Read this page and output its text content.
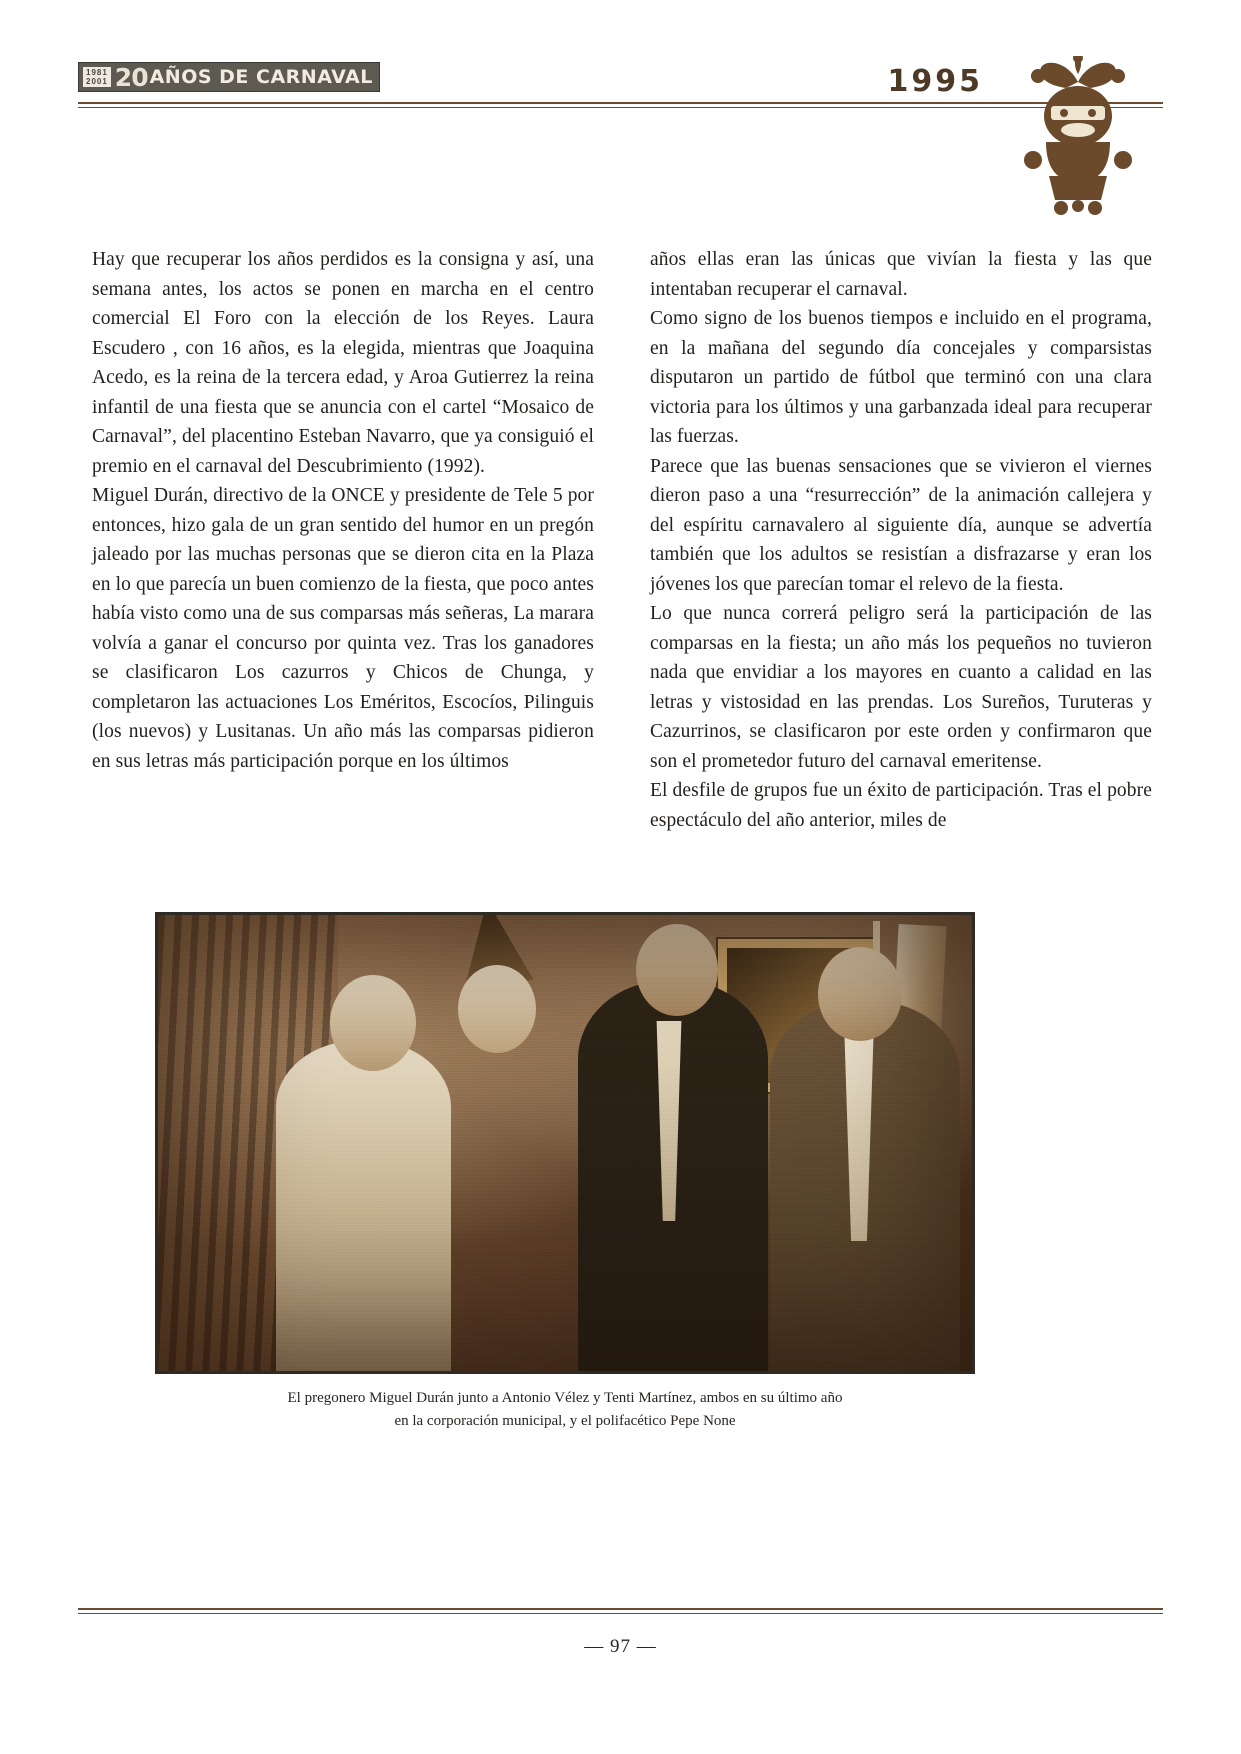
1981
2001 20 AÑOS DE CARNAVAL	1995

Hay que recuperar los años perdidos es la consigna y así, una semana antes, los actos se ponen en marcha en el centro comercial El Foro con la elección de los Reyes. Laura Escudero , con 16 años, es la elegida, mientras que Joaquina Acedo, es la reina de la tercera edad, y Aroa Gutierrez la reina infantil de una fiesta que se anuncia con el cartel “Mosaico de Carnaval”, del placentino Esteban Navarro, que ya consiguió el premio en el carnaval del Descubrimiento (1992).

Miguel Durán, directivo de la ONCE y presidente de Tele 5 por entonces, hizo gala de un gran sentido del humor en un pregón jaleado por las muchas personas que se dieron cita en la Plaza en lo que parecía un buen comienzo de la fiesta, que poco antes había visto como una de sus comparsas más señeras, La marara volvía a ganar el concurso por quinta vez. Tras los ganadores se clasificaron Los cazurros y Chicos de Chunga, y completaron las actuaciones Los Eméritos, Escocíos, Pilinguis (los nuevos) y Lusitanas. Un año más las comparsas pidieron en sus letras más participación porque en los últimos

años ellas eran las únicas que vivían la fiesta y las que intentaban recuperar el carnaval.

Como signo de los buenos tiempos e incluido en el programa, en la mañana del segundo día concejales y comparsistas disputaron un partido de fútbol que terminó con una clara victoria para los últimos y una garbanzada ideal para recuperar las fuerzas.

Parece que las buenas sensaciones que se vivieron el viernes dieron paso a una “resurrección” de la animación callejera y del espíritu carnavalero al siguiente día, aunque se advertía también que los adultos se resistían a disfrazarse y eran los jóvenes los que parecían tomar el relevo de la fiesta.

Lo que nunca correrá peligro será la participación de las comparsas en la fiesta; un año más los pequeños no tuvieron nada que envidiar a los mayores en cuanto a calidad en las letras y vistosidad en las prendas. Los Sureños, Turuteras y Cazurrinos, se clasificaron por este orden y confirmaron que son el prometedor futuro del carnaval emeritense.

El desfile de grupos fue un éxito de participación. Tras el pobre espectáculo del año anterior, miles de

El pregonero Miguel Durán junto a Antonio Vélez y Tenti Martínez, ambos en su último año
en la corporación municipal, y el polifacético Pepe None
— 97 —
